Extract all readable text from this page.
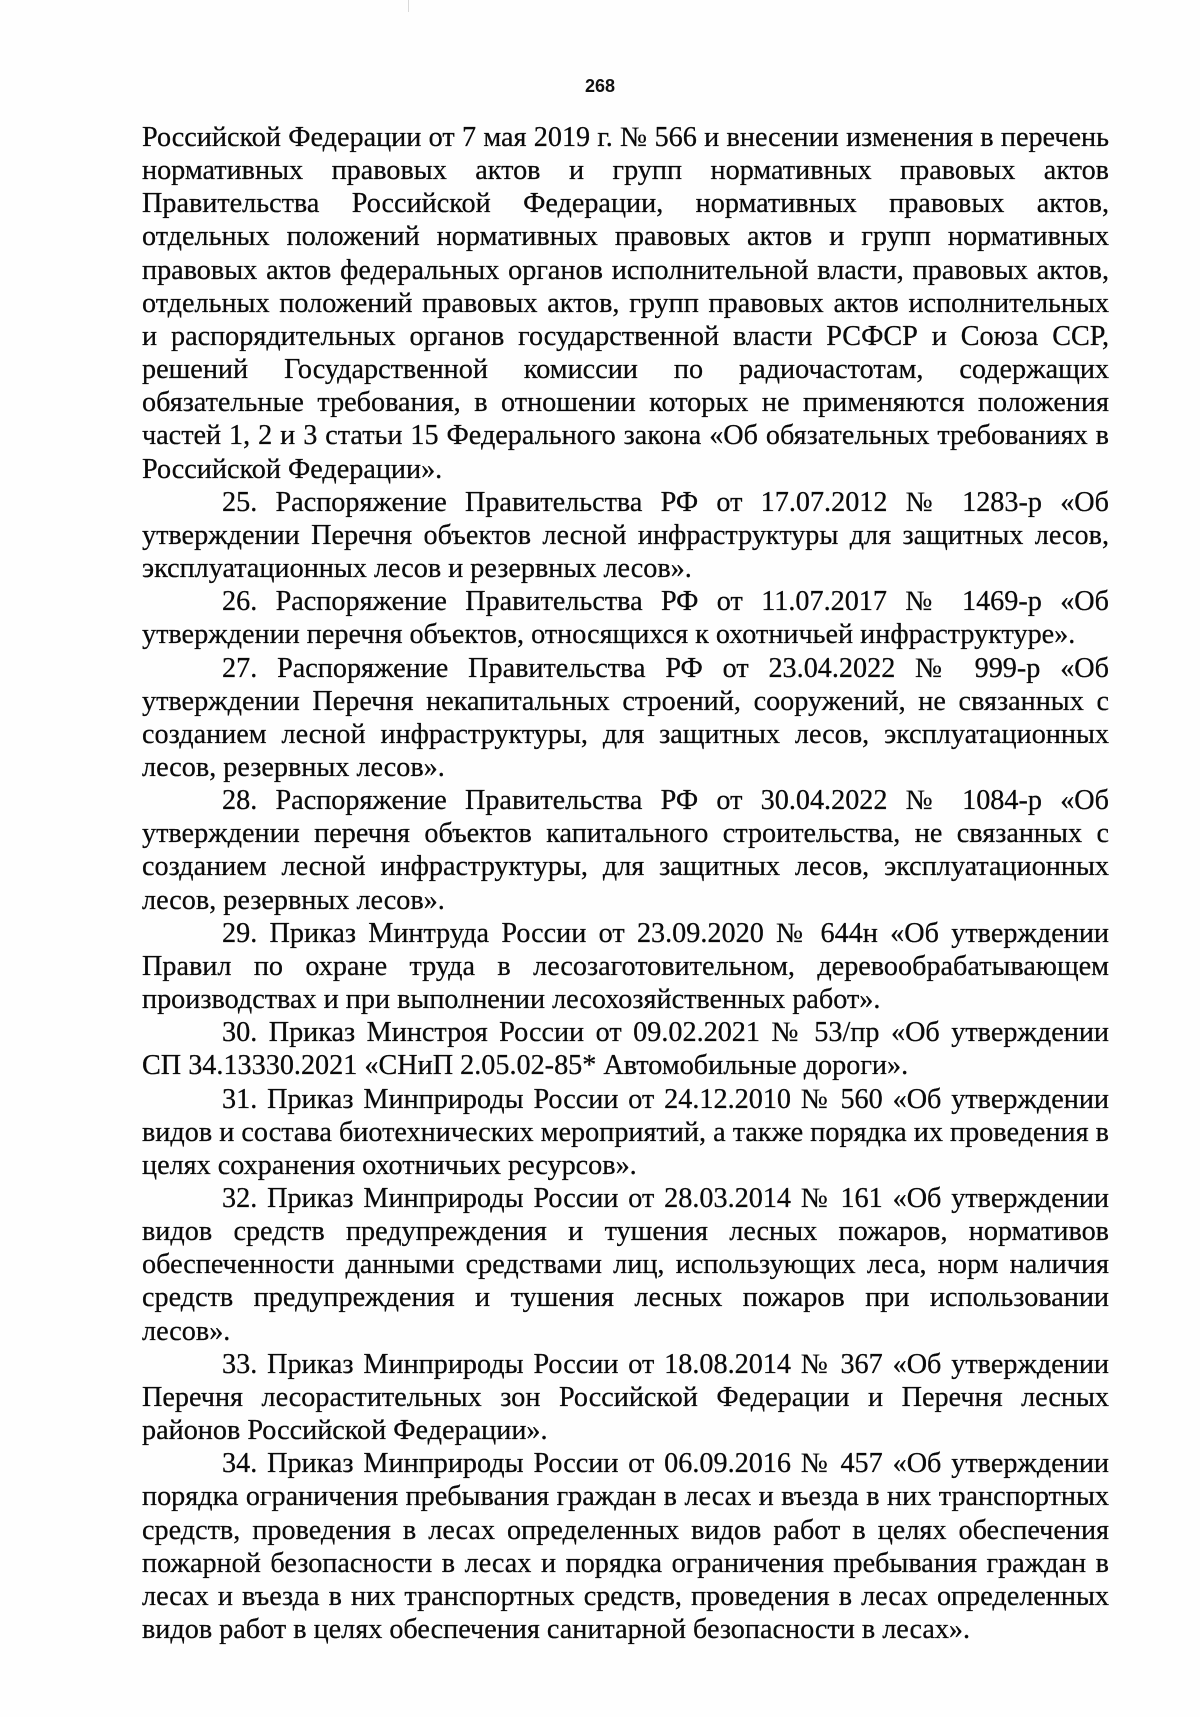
268

Российской Федерации от 7 мая 2019 г. № 566 и внесении изменения в перечень нормативных правовых актов и групп нормативных правовых актов Правительства Российской Федерации, нормативных правовых актов, отдельных положений нормативных правовых актов и групп нормативных правовых актов федеральных органов исполнительной власти, правовых актов, отдельных положений правовых актов, групп правовых актов исполнительных и распорядительных органов государственной власти РСФСР и Союза ССР, решений Государственной комиссии по радиочастотам, содержащих обязательные требования, в отношении которых не применяются положения частей 1, 2 и 3 статьи 15 Федерального закона «Об обязательных требованиях в Российской Федерации».

25. Распоряжение Правительства РФ от 17.07.2012 № 1283-р «Об утверждении Перечня объектов лесной инфраструктуры для защитных лесов, эксплуатационных лесов и резервных лесов».

26. Распоряжение Правительства РФ от 11.07.2017 № 1469-р «Об утверждении перечня объектов, относящихся к охотничьей инфраструктуре».

27. Распоряжение Правительства РФ от 23.04.2022 № 999-р «Об утверждении Перечня некапитальных строений, сооружений, не связанных с созданием лесной инфраструктуры, для защитных лесов, эксплуатационных лесов, резервных лесов».

28. Распоряжение Правительства РФ от 30.04.2022 № 1084-р «Об утверждении перечня объектов капитального строительства, не связанных с созданием лесной инфраструктуры, для защитных лесов, эксплуатационных лесов, резервных лесов».

29. Приказ Минтруда России от 23.09.2020 № 644н «Об утверждении Правил по охране труда в лесозаготовительном, деревообрабатывающем производствах и при выполнении лесохозяйственных работ».

30. Приказ Минстроя России от 09.02.2021 № 53/пр «Об утверждении СП 34.13330.2021 «СНиП 2.05.02-85* Автомобильные дороги».

31. Приказ Минприроды России от 24.12.2010 № 560 «Об утверждении видов и состава биотехнических мероприятий, а также порядка их проведения в целях сохранения охотничьих ресурсов».

32. Приказ Минприроды России от 28.03.2014 № 161 «Об утверждении видов средств предупреждения и тушения лесных пожаров, нормативов обеспеченности данными средствами лиц, использующих леса, норм наличия средств предупреждения и тушения лесных пожаров при использовании лесов».

33. Приказ Минприроды России от 18.08.2014 № 367 «Об утверждении Перечня лесорастительных зон Российской Федерации и Перечня лесных районов Российской Федерации».

34. Приказ Минприроды России от 06.09.2016 № 457 «Об утверждении порядка ограничения пребывания граждан в лесах и въезда в них транспортных средств, проведения в лесах определенных видов работ в целях обеспечения пожарной безопасности в лесах и порядка ограничения пребывания граждан в лесах и въезда в них транспортных средств, проведения в лесах определенных видов работ в целях обеспечения санитарной безопасности в лесах».
